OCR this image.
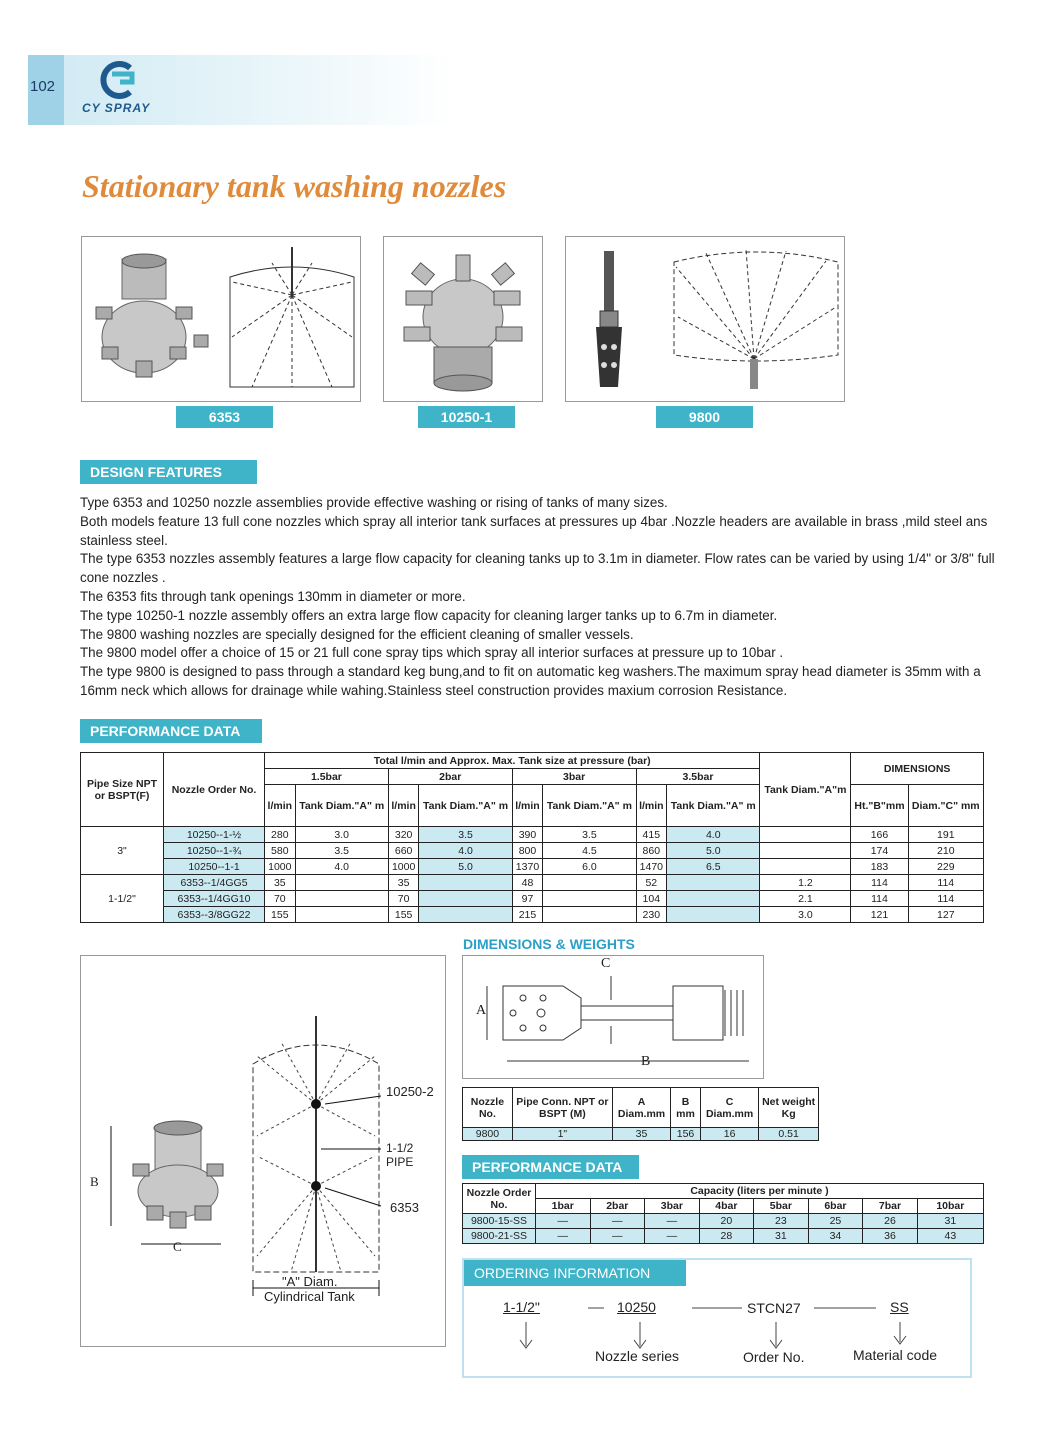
102
CY SPRAY
Stationary tank washing nozzles
6353	10250-1	9800
DESIGN FEATURES

Type 6353 and 10250 nozzle assemblies provide effective washing or rising of tanks of many sizes.

Both models feature 13 full cone nozzles which spray all interior tank surfaces at pressures up 4bar .Nozzle headers are available in brass ,mild steel ans stainless steel.

The type 6353 nozzles assembly features a large flow capacity for cleaning tanks up to 3.1m in diameter. Flow rates can be varied by using 1/4" or 3/8" full cone nozzles .

The 6353 fits through tank openings 130mm in diameter or more.

The type 10250-1 nozzle assembly offers an extra large flow capacity for cleaning larger tanks up to 6.7m in diameter.

The 9800 washing nozzles are specially designed for the efficient cleaning of smaller vessels.

The 9800 model offer a choice of 15 or 21 full cone spray tips which spray all interior surfaces at pressure up to 10bar .

The type 9800 is designed to pass through a standard keg bung,and to fit on automatic keg washers.The maximum spray head diameter is 35mm with a 16mm neck which allows for drainage while wahing.Stainless steel construction provides maxium corrosion Resistance.

PERFORMANCE DATA
Pipe Size NPT or BSPT(F)	Nozzle Order No.	Total l/min and Approx. Max. Tank size at pressure (bar)								Tank Diam."A"m	DIMENSIONS	
		1.5bar		2bar		3bar		3.5bar				
		l/min	Tank Diam."A" m	l/min	Tank Diam."A" m	l/min	Tank Diam."A" m	l/min	Tank Diam."A" m		Ht."B"mm	Diam."C" mm
3"	10250--1-½	280	3.0	320	3.5	390	3.5	415	4.0		166	191
	10250--1-¾	580	3.5	660	4.0	800	4.5	860	5.0		174	210
	10250--1-1	1000	4.0	1000	5.0	1370	6.0	1470	6.5		183	229
1-1/2"	6353--1/4GG5	35		35		48		52		1.2	114	114
	6353--1/4GG10	70		70		97		104		2.1	114	114
	6353--3/8GG22	155		155		215		230		3.0	121	127
10250-2
1-1/2
PIPE
6353
B
C
"A" Diam.
Cylindrical Tank
DIMENSIONS & WEIGHTS
C
A
B
Nozzle No.	Pipe Conn. NPT or BSPT (M)	A Diam.mm	B mm	C Diam.mm	Net weight Kg
9800	1"	35	156	16	0.51
PERFORMANCE DATA
Nozzle Order No.	Capacity (liters per minute )							
	1bar	2bar	3bar	4bar	5bar	6bar	7bar	10bar
9800-15-SS	—	—	—	20	23	25	26	31
9800-21-SS	—	—	—	28	31	34	36	43
ORDERING INFORMATION
1-1/2"	10250	STCN27	SS
Nozzle series	Order No.	Material code
